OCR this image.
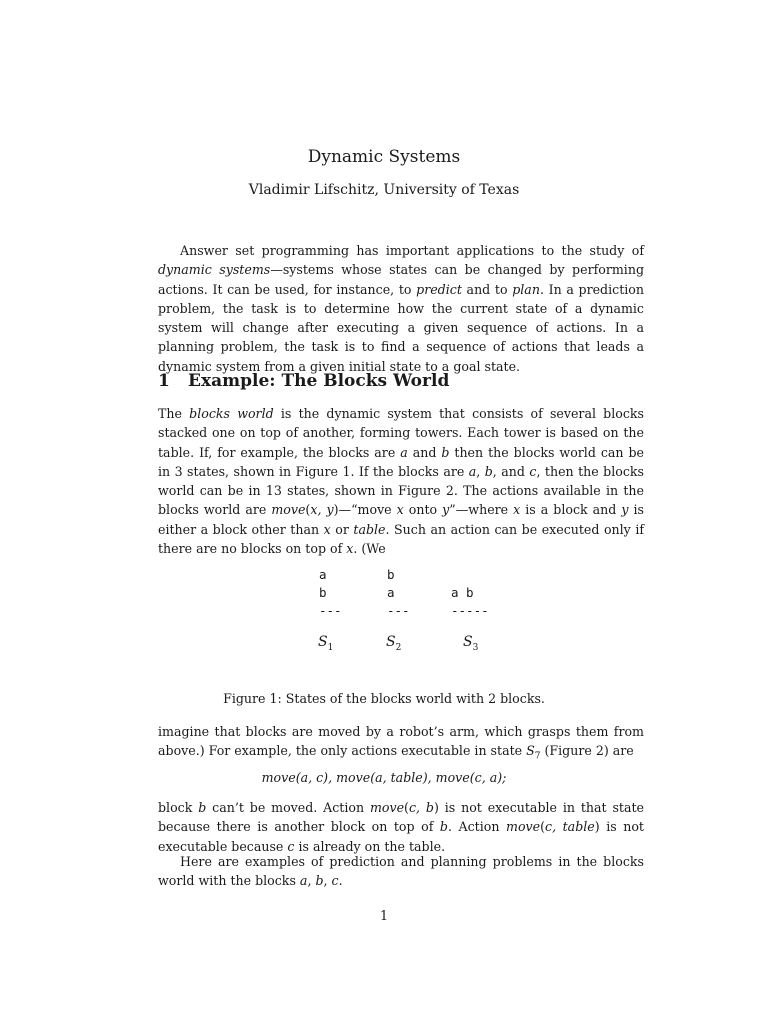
Dynamic Systems
Vladimir Lifschitz, University of Texas

Answer set programming has important applications to the study of dynamic systems—systems whose states can be changed by performing actions. It can be used, for instance, to predict and to plan. In a prediction problem, the task is to determine how the current state of a dynamic system will change after executing a given sequence of actions. In a planning problem, the task is to find a sequence of actions that leads a dynamic system from a given initial state to a goal state.

1 Example: The Blocks World

The blocks world is the dynamic system that consists of several blocks stacked one on top of another, forming towers. Each tower is based on the table. If, for example, the blocks are a and b then the blocks world can be in 3 states, shown in Figure 1. If the blocks are a, b, and c, then the blocks world can be in 13 states, shown in Figure 2. The actions available in the blocks world are move(x, y)—“move x onto y”—where x is a block and y is either a block other than x or table. Such an action can be executed only if there are no blocks on top of x. (We

a
b
---
b
a
---
a b
-----
$S_1$	$S_2$	$S_3$
Figure 1: States of the blocks world with 2 blocks.

imagine that blocks are moved by a robot’s arm, which grasps them from above.) For example, the only actions executable in state $S_7$ (Figure 2) are

move(a, c), move(a, table), move(c, a);

block b can’t be moved. Action move(c, b) is not executable in that state because there is another block on top of b. Action move(c, table) is not executable because c is already on the table.

Here are examples of prediction and planning problems in the blocks world with the blocks a, b, c.

1
